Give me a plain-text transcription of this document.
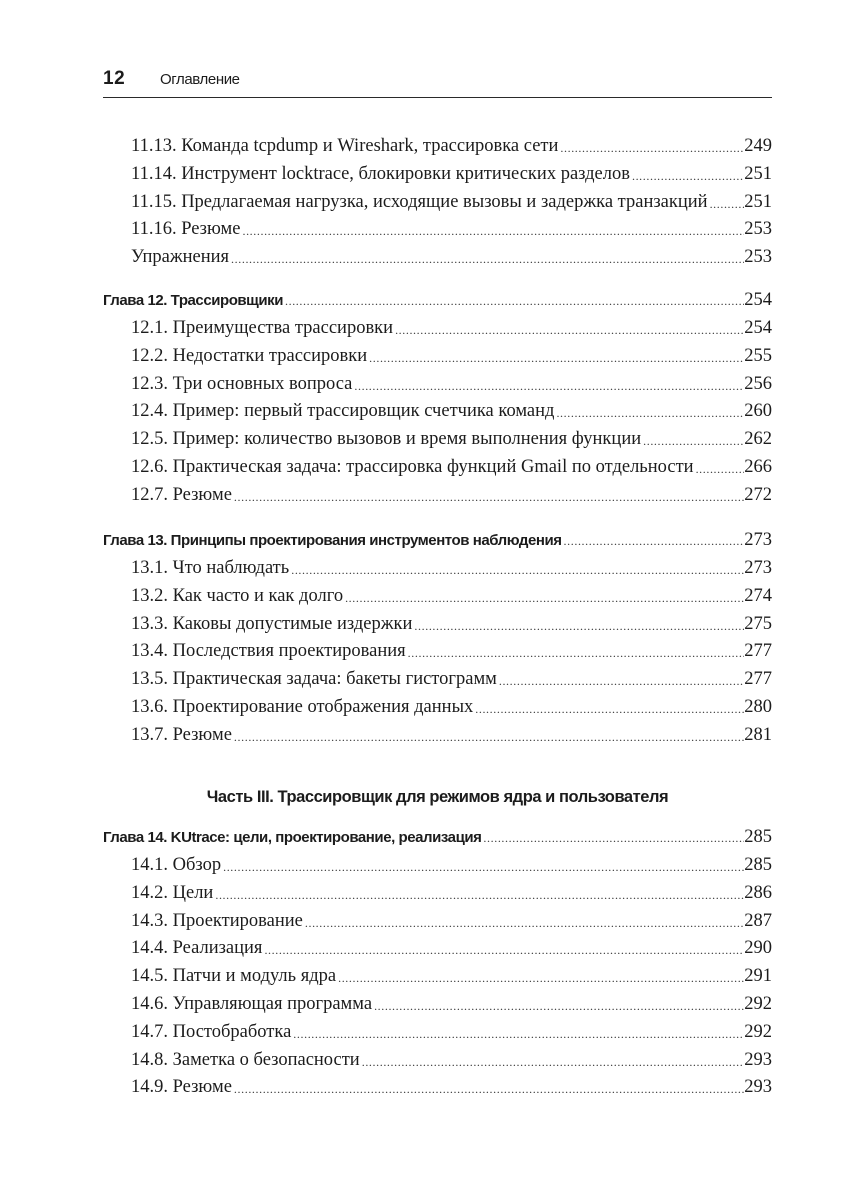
12	Оглавление
11.13. Команда tcpdump и Wireshark, трассировка сети .....	249
11.14. Инструмент locktrace, блокировки критических разделов .....	251
11.15. Предлагаемая нагрузка, исходящие вызовы и задержка транзакций ..... 251
11.16. Резюме .....	253
Упражнения .....	253
Глава 12. Трассировщики .....	254
12.1. Преимущества трассировки .....	254
12.2. Недостатки трассировки .....	255
12.3. Три основных вопроса .....	256
12.4. Пример: первый трассировщик счетчика команд .....	260
12.5. Пример: количество вызовов и время выполнения функции .....	262
12.6. Практическая задача: трассировка функций Gmail по отдельности .....	266
12.7. Резюме .....	272
Глава 13. Принципы проектирования инструментов наблюдения .....	273
13.1. Что наблюдать .....	273
13.2. Как часто и как долго .....	274
13.3. Каковы допустимые издержки .....	275
13.4. Последствия проектирования .....	277
13.5. Практическая задача: бакеты гистограмм .....	277
13.6. Проектирование отображения данных .....	280
13.7. Резюме .....	281
Часть III. Трассировщик для режимов ядра и пользователя
Глава 14. KUtrace: цели, проектирование, реализация .....	285
14.1. Обзор .....	285
14.2. Цели .....	286
14.3. Проектирование .....	287
14.4. Реализация .....	290
14.5. Патчи и модуль ядра .....	291
14.6. Управляющая программа .....	292
14.7. Постобработка .....	292
14.8. Заметка о безопасности .....	293
14.9. Резюме .....	293
